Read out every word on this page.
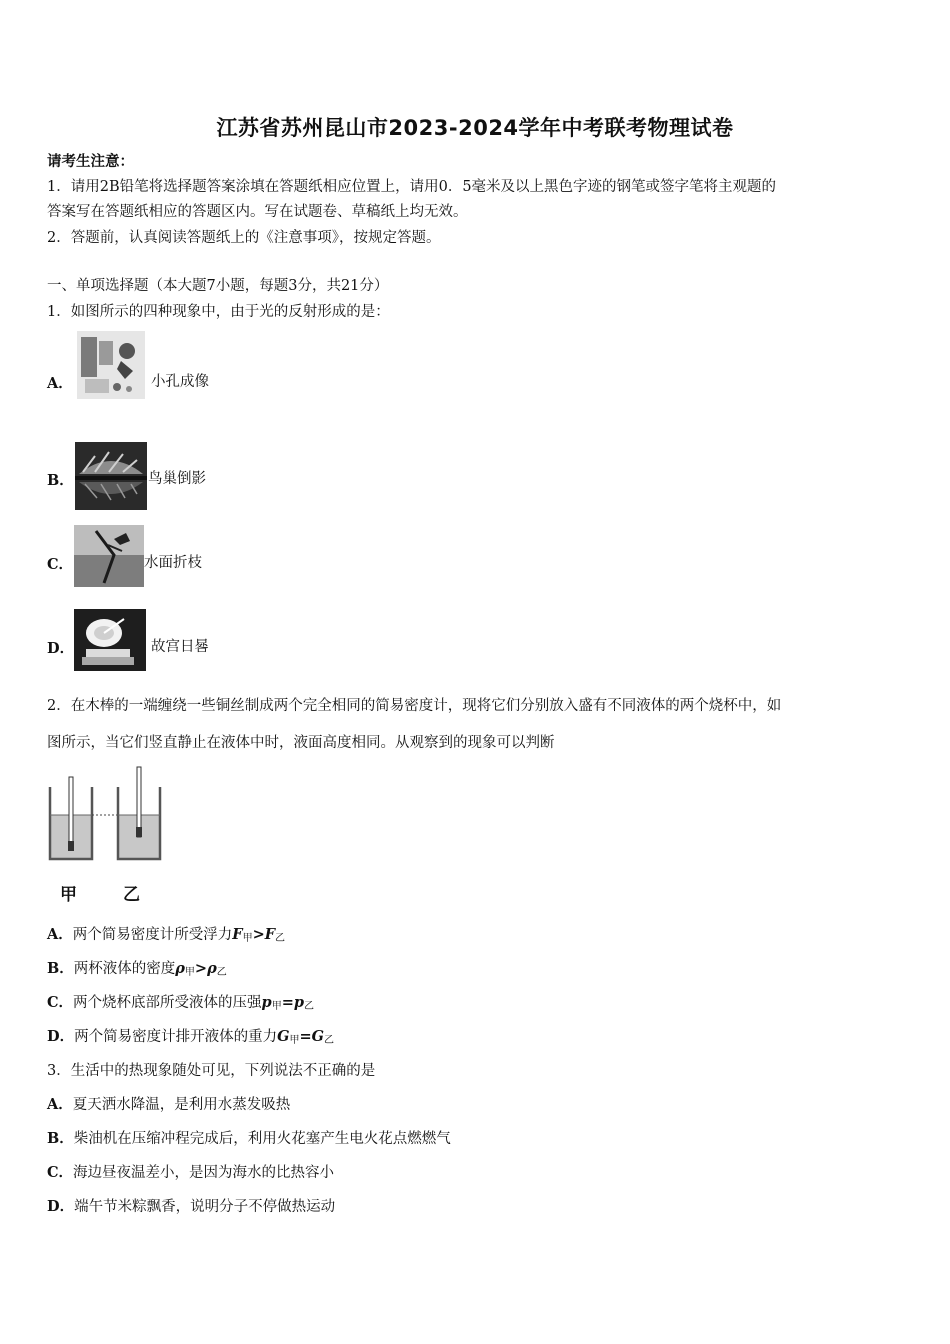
江苏省苏州昆山市2023-2024学年中考联考物理试卷
请考生注意：
1．请用2B铅笔将选择题答案涂填在答题纸相应位置上，请用0．5毫米及以上黑色字迹的钢笔或签字笔将主观题的
答案写在答题纸相应的答题区内。写在试题卷、草稿纸上均无效。
2．答题前，认真阅读答题纸上的《注意事项》，按规定答题。
一、单项选择题（本大题7小题，每题3分，共21分）
1．如图所示的四种现象中，由于光的反射形成的是：
A．	小孔成像
B．	鸟巢倒影
C．	水面折枝
D．	故宫日晷
2．在木棒的一端缠绕一些铜丝制成两个完全相同的简易密度计，现将它们分别放入盛有不同液体的两个烧杯中，如
图所示，当它们竖直静止在液体中时，液面高度相同。从观察到的现象可以判断
甲	乙
A．两个简易密度计所受浮力$F_甲>F_乙$
B．两杯液体的密度$\rho_甲>\rho_乙$
C．两个烧杯底部所受液体的压强$p_甲=p_乙$
D．两个简易密度计排开液体的重力$G_甲=G_乙$
3．生活中的热现象随处可见，下列说法不正确的是
A．夏天洒水降温，是利用水蒸发吸热
B．柴油机在压缩冲程完成后，利用火花塞产生电火花点燃燃气
C．海边昼夜温差小，是因为海水的比热容小
D．端午节米粽飘香，说明分子不停做热运动
